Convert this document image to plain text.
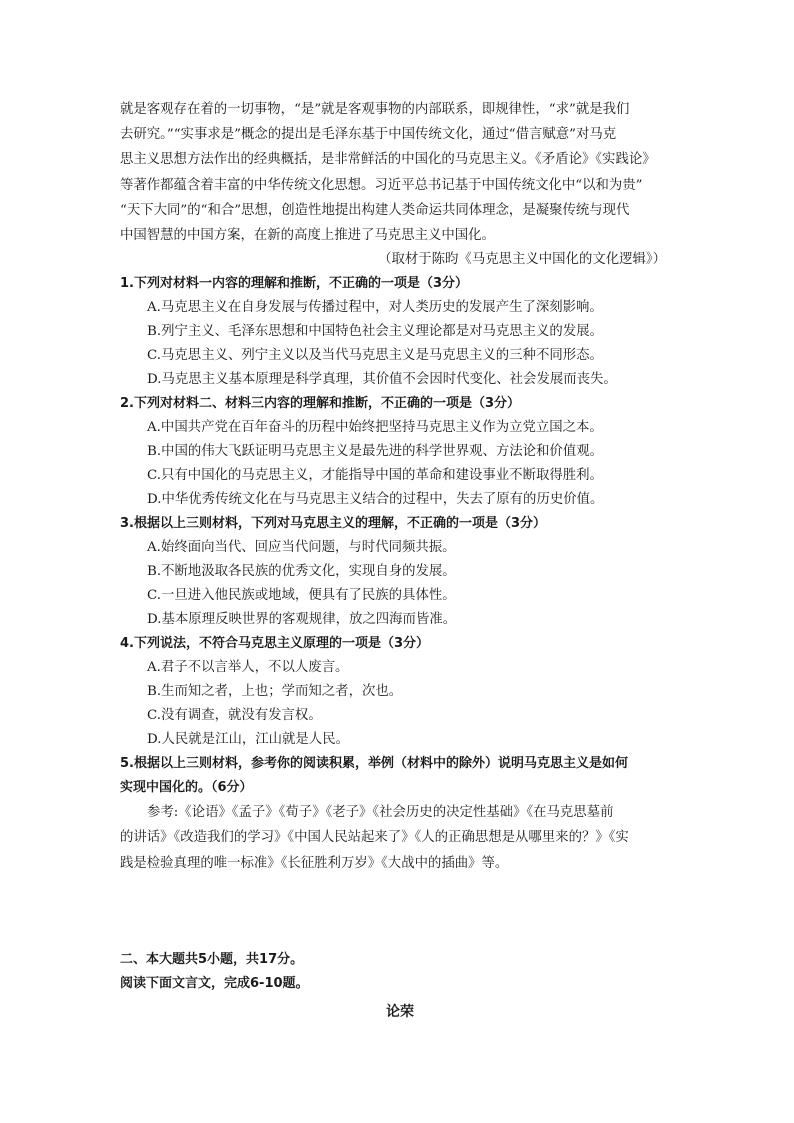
就是客观存在着的一切事物，“是”就是客观事物的内部联系，即规律性，“求”就是我们

去研究。”“实事求是”概念的提出是毛泽东基于中国传统文化，通过“借言赋意”对马克

思主义思想方法作出的经典概括，是非常鲜活的中国化的马克思主义。《矛盾论》《实践论》

等著作都蕴含着丰富的中华传统文化思想。习近平总书记基于中国传统文化中“以和为贵”

“天下大同”的“和合”思想，创造性地提出构建人类命运共同体理念，是凝聚传统与现代

中国智慧的中国方案，在新的高度上推进了马克思主义中国化。

（取材于陈昀《马克思主义中国化的文化逻辑》）

1.下列对材料一内容的理解和推断，不正确的一项是（3分）

A.马克思主义在自身发展与传播过程中，对人类历史的发展产生了深刻影响。

B.列宁主义、毛泽东思想和中国特色社会主义理论都是对马克思主义的发展。

C.马克思主义、列宁主义以及当代马克思主义是马克思主义的三种不同形态。

D.马克思主义基本原理是科学真理，其价值不会因时代变化、社会发展而丧失。

2.下列对材料二、材料三内容的理解和推断，不正确的一项是（3分）

A.中国共产党在百年奋斗的历程中始终把坚持马克思主义作为立党立国之本。

B.中国的伟大飞跃证明马克思主义是最先进的科学世界观、方法论和价值观。

C.只有中国化的马克思主义，才能指导中国的革命和建设事业不断取得胜利。

D.中华优秀传统文化在与马克思主义结合的过程中，失去了原有的历史价值。

3.根据以上三则材料，下列对马克思主义的理解，不正确的一项是（3分）

A.始终面向当代、回应当代问题，与时代同频共振。

B.不断地汲取各民族的优秀文化，实现自身的发展。

C.一旦进入他民族或地域，便具有了民族的具体性。

D.基本原理反映世界的客观规律，放之四海而皆准。

4.下列说法，不符合马克思主义原理的一项是（3分）

A.君子不以言举人，不以人废言。

B.生而知之者，上也；学而知之者，次也。

C.没有调查，就没有发言权。

D.人民就是江山，江山就是人民。

5.根据以上三则材料，参考你的阅读积累，举例（材料中的除外）说明马克思主义是如何

实现中国化的。（6分）

参考:《论语》《孟子》《荀子》《老子》《社会历史的决定性基础》《在马克思墓前

的讲话》《改造我们的学习》《中国人民站起来了》《人的正确思想是从哪里来的？》《实

践是检验真理的唯一标准》《长征胜利万岁》《大战中的插曲》等。

二、本大题共5小题，共17分。

阅读下面文言文，完成6-10题。

论荣
